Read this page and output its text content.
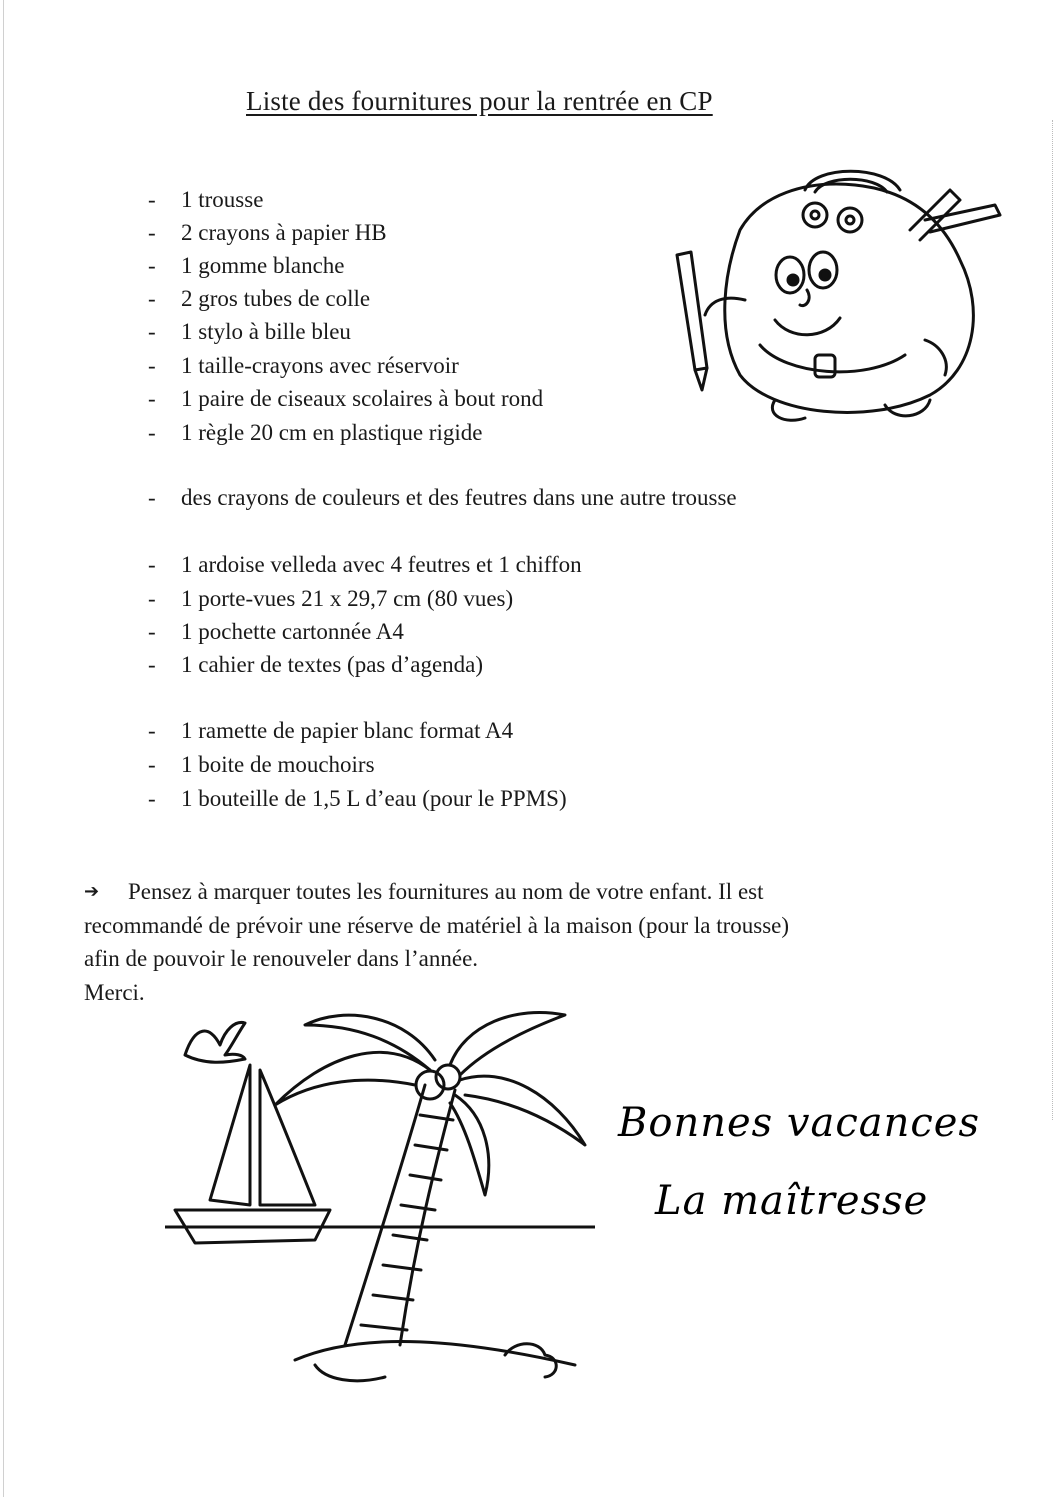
Liste des fournitures pour la rentrée en CP
- 1 trousse
- 2 crayons à papier HB
- 1 gomme blanche
- 2 gros tubes de colle
- 1 stylo à bille bleu
- 1 taille-crayons avec réservoir
- 1 paire de ciseaux scolaires à bout rond
- 1 règle 20 cm en plastique rigide
- des crayons de couleurs et des feutres dans une autre trousse
- 1 ardoise velleda avec 4 feutres et 1 chiffon
- 1 porte-vues 21 x 29,7 cm (80 vues)
- 1 pochette cartonnée A4
- 1 cahier de textes (pas d’agenda)
- 1 ramette de papier blanc format A4
- 1 boite de mouchoirs
- 1 bouteille de 1,5 L d’eau (pour le PPMS)
➔ Pensez à marquer toutes les fournitures au nom de votre enfant. Il est
recommandé de prévoir une réserve de matériel à la maison (pour la trousse)
afin de pouvoir le renouveler dans l’année.
Merci.
Bonnes vacances
La maîtresse
